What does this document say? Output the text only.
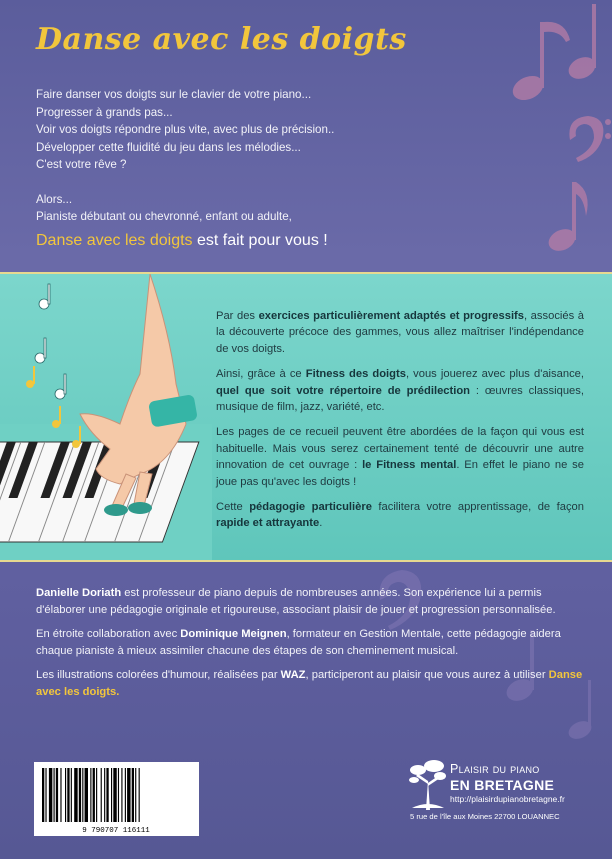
Danse avec les doigts

Faire danser vos doigts sur le clavier de votre piano...

Progresser à grands pas...

Voir vos doigts répondre plus vite, avec plus de précision..

Développer cette fluidité du jeu dans les mélodies...

C'est votre rêve ?

Alors...

Pianiste débutant ou chevronné, enfant ou adulte,

Danse avec les doigts est fait pour vous !

Par des exercices particulièrement adaptés et progressifs, associés à la découverte précoce des gammes, vous allez maîtriser l'indépendance de vos doigts.

Ainsi, grâce à ce Fitness des doigts, vous jouerez avec plus d'aisance, quel que soit votre répertoire de prédilection : œuvres classiques, musique de film, jazz, variété, etc.

Les pages de ce recueil peuvent être abordées de la façon qui vous est habituelle. Mais vous serez certainement tenté de découvrir une autre innovation de cet ouvrage : le Fitness mental. En effet le piano ne se joue pas qu'avec les doigts !

Cette pédagogie particulière facilitera votre apprentissage, de façon rapide et attrayante.

Danielle Doriath est professeur de piano depuis de nombreuses années. Son expérience lui a permis d'élaborer une pédagogie originale et rigoureuse, associant plaisir de jouer et progression personnalisée.

En étroite collaboration avec Dominique Meignen, formateur en Gestion Mentale, cette pédagogie aidera chaque pianiste à mieux assimiler chacune des étapes de son cheminement musical.

Les illustrations colorées d'humour, réalisées par WAZ, participeront au plaisir que vous aurez à utiliser Danse avec les doigts.

9 790707 116111
Plaisir du piano
EN BRETAGNE
http://plaisirdupianobretagne.fr
5 rue de l'île aux Moines 22700 LOUANNEC
